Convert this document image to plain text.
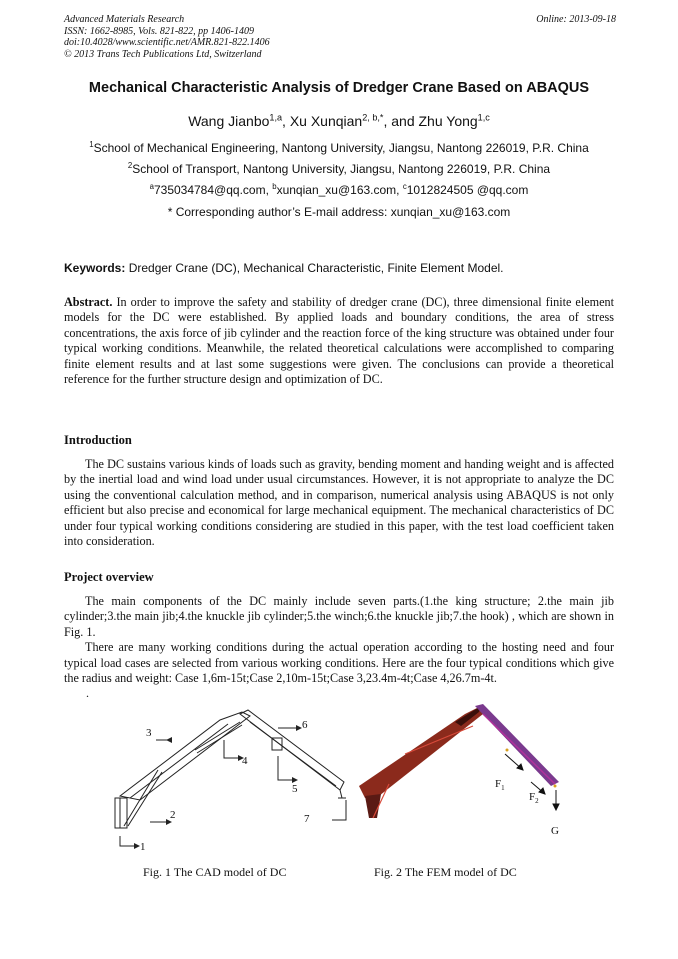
Advanced Materials Research
ISSN: 1662-8985, Vols. 821-822, pp 1406-1409
doi:10.4028/www.scientific.net/AMR.821-822.1406
© 2013 Trans Tech Publications Ltd, Switzerland
Online: 2013-09-18
Mechanical Characteristic Analysis of Dredger Crane Based on ABAQUS
Wang Jianbo$^{1,a}$, Xu Xunqian$^{2, b,*}$, and Zhu Yong$^{1,c}$
$^1$School of Mechanical Engineering, Nantong University, Jiangsu, Nantong 226019, P.R. China
$^2$School of Transport, Nantong University, Jiangsu, Nantong 226019, P.R. China
$^a$735034784@qq.com, $^b$xunqian_xu@163.com, $^c$1012824505 @qq.com
* Corresponding author’s E-mail address: xunqian_xu@163.com
Keywords: Dredger Crane (DC), Mechanical Characteristic, Finite Element Model.

Abstract. In order to improve the safety and stability of dredger crane (DC), three dimensional finite element models for the DC were established. By applied loads and boundary conditions, the area of stress concentrations, the axis force of jib cylinder and the reaction force of the king structure was obtained under four typical working conditions. Meanwhile, the related theoretical calculations were accomplished to comparing finite element results and at last some suggestions were given. The conclusions can provide a theoretical reference for the further structure design and optimization of DC.

Introduction

The DC sustains various kinds of loads such as gravity, bending moment and handing weight and is affected by the inertial load and wind load under usual circumstances. However, it is not appropriate to analyze the DC using the conventional calculation method, and in comparison, numerical analysis using ABAQUS is not only efficient but also precise and economical for large mechanical equipment. The mechanical characteristics of DC under four typical working conditions considering are studied in this paper, with the test load coefficient taken into consideration.

Project overview

The main components of the DC mainly include seven parts.(1.the king structure; 2.the main jib cylinder;3.the main jib;4.the knuckle jib cylinder;5.the winch;6.the knuckle jib;7.the hook) , which are shown in Fig. 1.

There are many working conditions during the actual operation according to the hosting need and four typical load cases are selected from various working conditions. Here are the four typical conditions which give the radius and weight: Case 1,6m-15t;Case 2,10m-15t;Case 3,23.4m-4t;Case 4,26.7m-4t.

.
1
2
3
4
5
6
7
$F_1$
$F_2$
G
Fig. 1 The CAD model of DC	Fig. 2 The FEM model of DC
